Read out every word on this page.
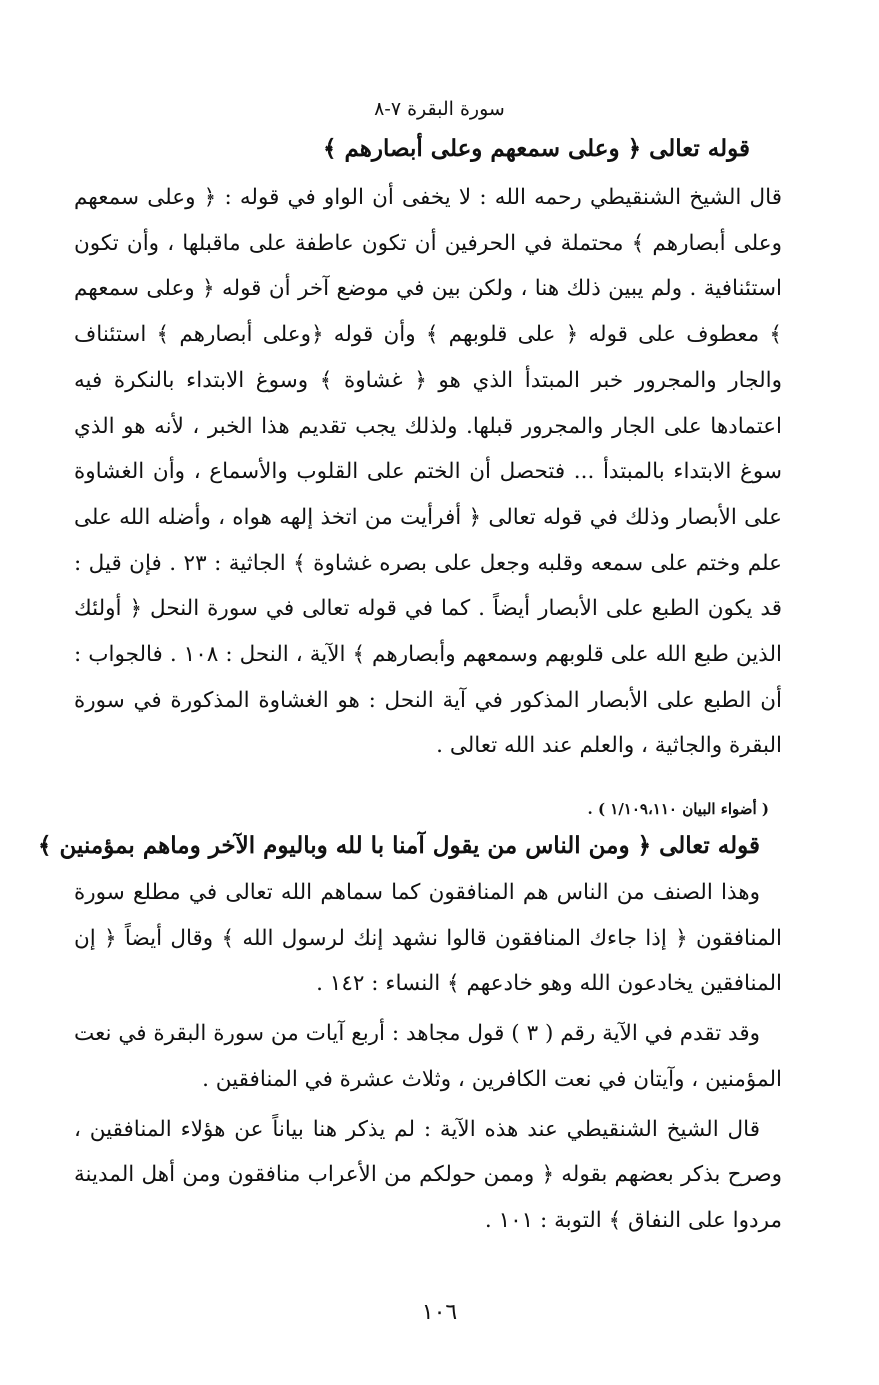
سورة البقرة ٧-٨
قوله تعالى ﴿ وعلى سمعهم وعلى أبصارهم ﴾
قال الشيخ الشنقيطي رحمه الله : لا يخفى أن الواو في قوله : ﴿ وعلى سمعهم وعلى أبصارهم ﴾ محتملة في الحرفين أن تكون عاطفة على ماقبلها ، وأن تكون استئنافية . ولم يبين ذلك هنا ، ولكن بين في موضع آخر أن قوله ﴿ وعلى سمعهم ﴾ معطوف على قوله ﴿ على قلوبهم ﴾ وأن قوله ﴿وعلى أبصارهم ﴾ استئناف والجار والمجرور خبر المبتدأ الذي هو ﴿ غشاوة ﴾ وسوغ الابتداء بالنكرة فيه اعتمادها على الجار والمجرور قبلها. ولذلك يجب تقديم هذا الخبر ، لأنه هو الذي سوغ الابتداء بالمبتدأ ... فتحصل أن الختم على القلوب والأسماع ، وأن الغشاوة على الأبصار وذلك في قوله تعالى ﴿ أفرأيت من اتخذ إلهه هواه ، وأضله الله على علم وختم على سمعه وقلبه وجعل على بصره غشاوة ﴾ الجاثية : ٢٣ . فإن قيل : قد يكون الطبع على الأبصار أيضاً . كما في قوله تعالى في سورة النحل ﴿ أولئك الذين طبع الله على قلوبهم وسمعهم وأبصارهم ﴾ الآية ، النحل : ١٠٨ . فالجواب : أن الطبع على الأبصار المذكور في آية النحل : هو الغشاوة المذكورة في سورة البقرة والجاثية ، والعلم عند الله تعالى .
( أضواء البيان ١/١٠٩،١١٠ ) .
قوله تعالى ﴿ ومن الناس من يقول آمنا با لله وباليوم الآخر وماهم بمؤمنين ﴾
وهذا الصنف من الناس هم المنافقون كما سماهم الله تعالى في مطلع سورة المنافقون ﴿ إذا جاءك المنافقون قالوا نشهد إنك لرسول الله ﴾ وقال أيضاً ﴿ إن المنافقين يخادعون الله وهو خادعهم ﴾ النساء : ١٤٢ .
وقد تقدم في الآية رقم ( ٣ ) قول مجاهد : أربع آيات من سورة البقرة في نعت المؤمنين ، وآيتان في نعت الكافرين ، وثلاث عشرة في المنافقين .
قال الشيخ الشنقيطي عند هذه الآية : لم يذكر هنا بياناً عن هؤلاء المنافقين ، وصرح بذكر بعضهم بقوله ﴿ وممن حولكم من الأعراب منافقون ومن أهل المدينة مردوا على النفاق ﴾ التوبة : ١٠١ .
١٠٦
